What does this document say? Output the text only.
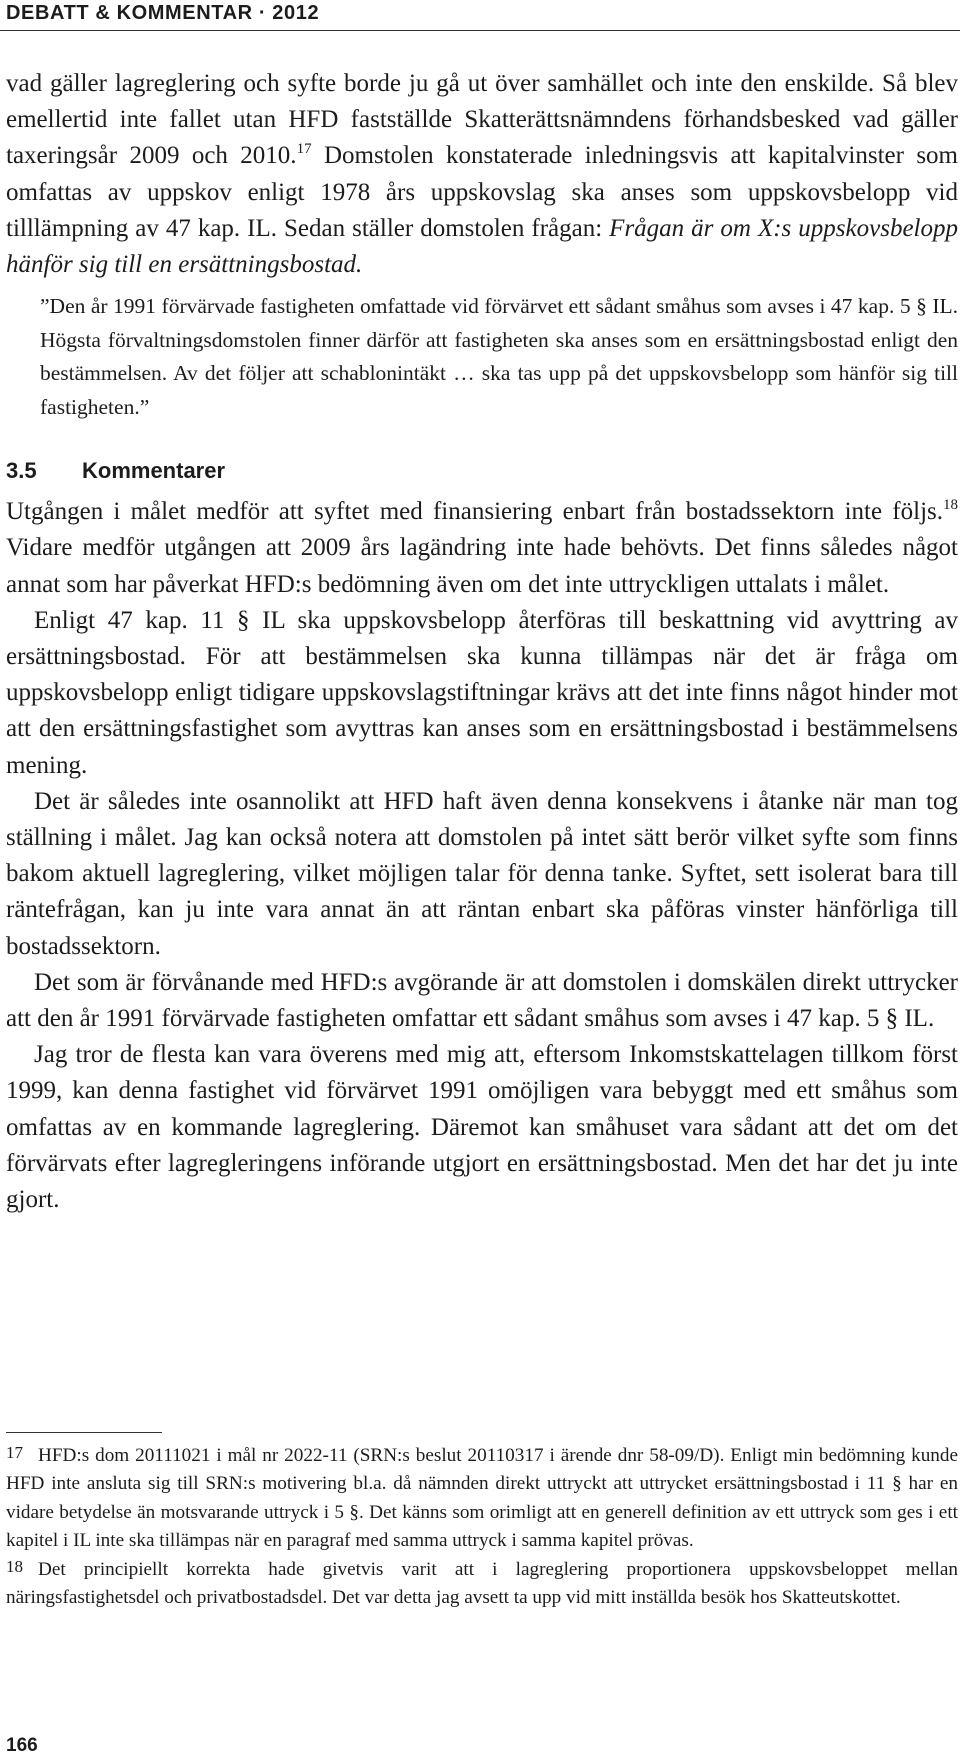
DEBATT & KOMMENTAR · 2012

vad gäller lagreglering och syfte borde ju gå ut över samhället och inte den enskilde. Så blev emellertid inte fallet utan HFD fastställde Skatterättsnämndens förhandsbesked vad gäller taxeringsår 2009 och 2010.17 Domstolen konstaterade inledningsvis att kapitalvinster som omfattas av uppskov enligt 1978 års uppskovslag ska anses som uppskovsbelopp vid tilllämpning av 47 kap. IL. Sedan ställer domstolen frågan: Frågan är om X:s uppskovsbelopp hänför sig till en ersättningsbostad.

”Den år 1991 förvärvade fastigheten omfattade vid förvärvet ett sådant småhus som avses i 47 kap. 5 § IL. Högsta förvaltningsdomstolen finner därför att fastigheten ska anses som en ersättningsbostad enligt den bestämmelsen. Av det följer att schablonintäkt … ska tas upp på det uppskovsbelopp som hänför sig till fastigheten.”

3.5 Kommentarer

Utgången i målet medför att syftet med finansiering enbart från bostadssektorn inte följs.$^{18}$ Vidare medför utgången att 2009 års lagändring inte hade behövts. Det finns således något annat som har påverkat HFD:s bedömning även om det inte uttryckligen uttalats i målet.

Enligt 47 kap. 11 § IL ska uppskovsbelopp återföras till beskattning vid avyttring av ersättningsbostad. För att bestämmelsen ska kunna tillämpas när det är fråga om uppskovsbelopp enligt tidigare uppskovslagstiftningar krävs att det inte finns något hinder mot att den ersättningsfastighet som avyttras kan anses som en ersättningsbostad i bestämmelsens mening.

Det är således inte osannolikt att HFD haft även denna konsekvens i åtanke när man tog ställning i målet. Jag kan också notera att domstolen på intet sätt berör vilket syfte som finns bakom aktuell lagreglering, vilket möjligen talar för denna tanke. Syftet, sett isolerat bara till räntefrågan, kan ju inte vara annat än att räntan enbart ska påföras vinster hänförliga till bostadssektorn.

Det som är förvånande med HFD:s avgörande är att domstolen i domskälen direkt uttrycker att den år 1991 förvärvade fastigheten omfattar ett sådant småhus som avses i 47 kap. 5 § IL.

Jag tror de flesta kan vara överens med mig att, eftersom Inkomstskattelagen tillkom först 1999, kan denna fastighet vid förvärvet 1991 omöjligen vara bebyggt med ett småhus som omfattas av en kommande lagreglering. Däremot kan småhuset vara sådant att det om det förvärvats efter lagregleringens införande utgjort en ersättningsbostad. Men det har det ju inte gjort.

17 HFD:s dom 20111021 i mål nr 2022-11 (SRN:s beslut 20110317 i ärende dnr 58-09/D). Enligt min bedömning kunde HFD inte ansluta sig till SRN:s motivering bl.a. då nämnden direkt uttryckt att uttrycket ersättningsbostad i 11 § har en vidare betydelse än motsvarande uttryck i 5 §. Det känns som orimligt att en generell definition av ett uttryck som ges i ett kapitel i IL inte ska tillämpas när en paragraf med samma uttryck i samma kapitel prövas.

18 Det principiellt korrekta hade givetvis varit att i lagreglering proportionera uppskovsbeloppet mellan näringsfastighetsdel och privatbostadsdel. Det var detta jag avsett ta upp vid mitt inställda besök hos Skatteutskottet.

166
